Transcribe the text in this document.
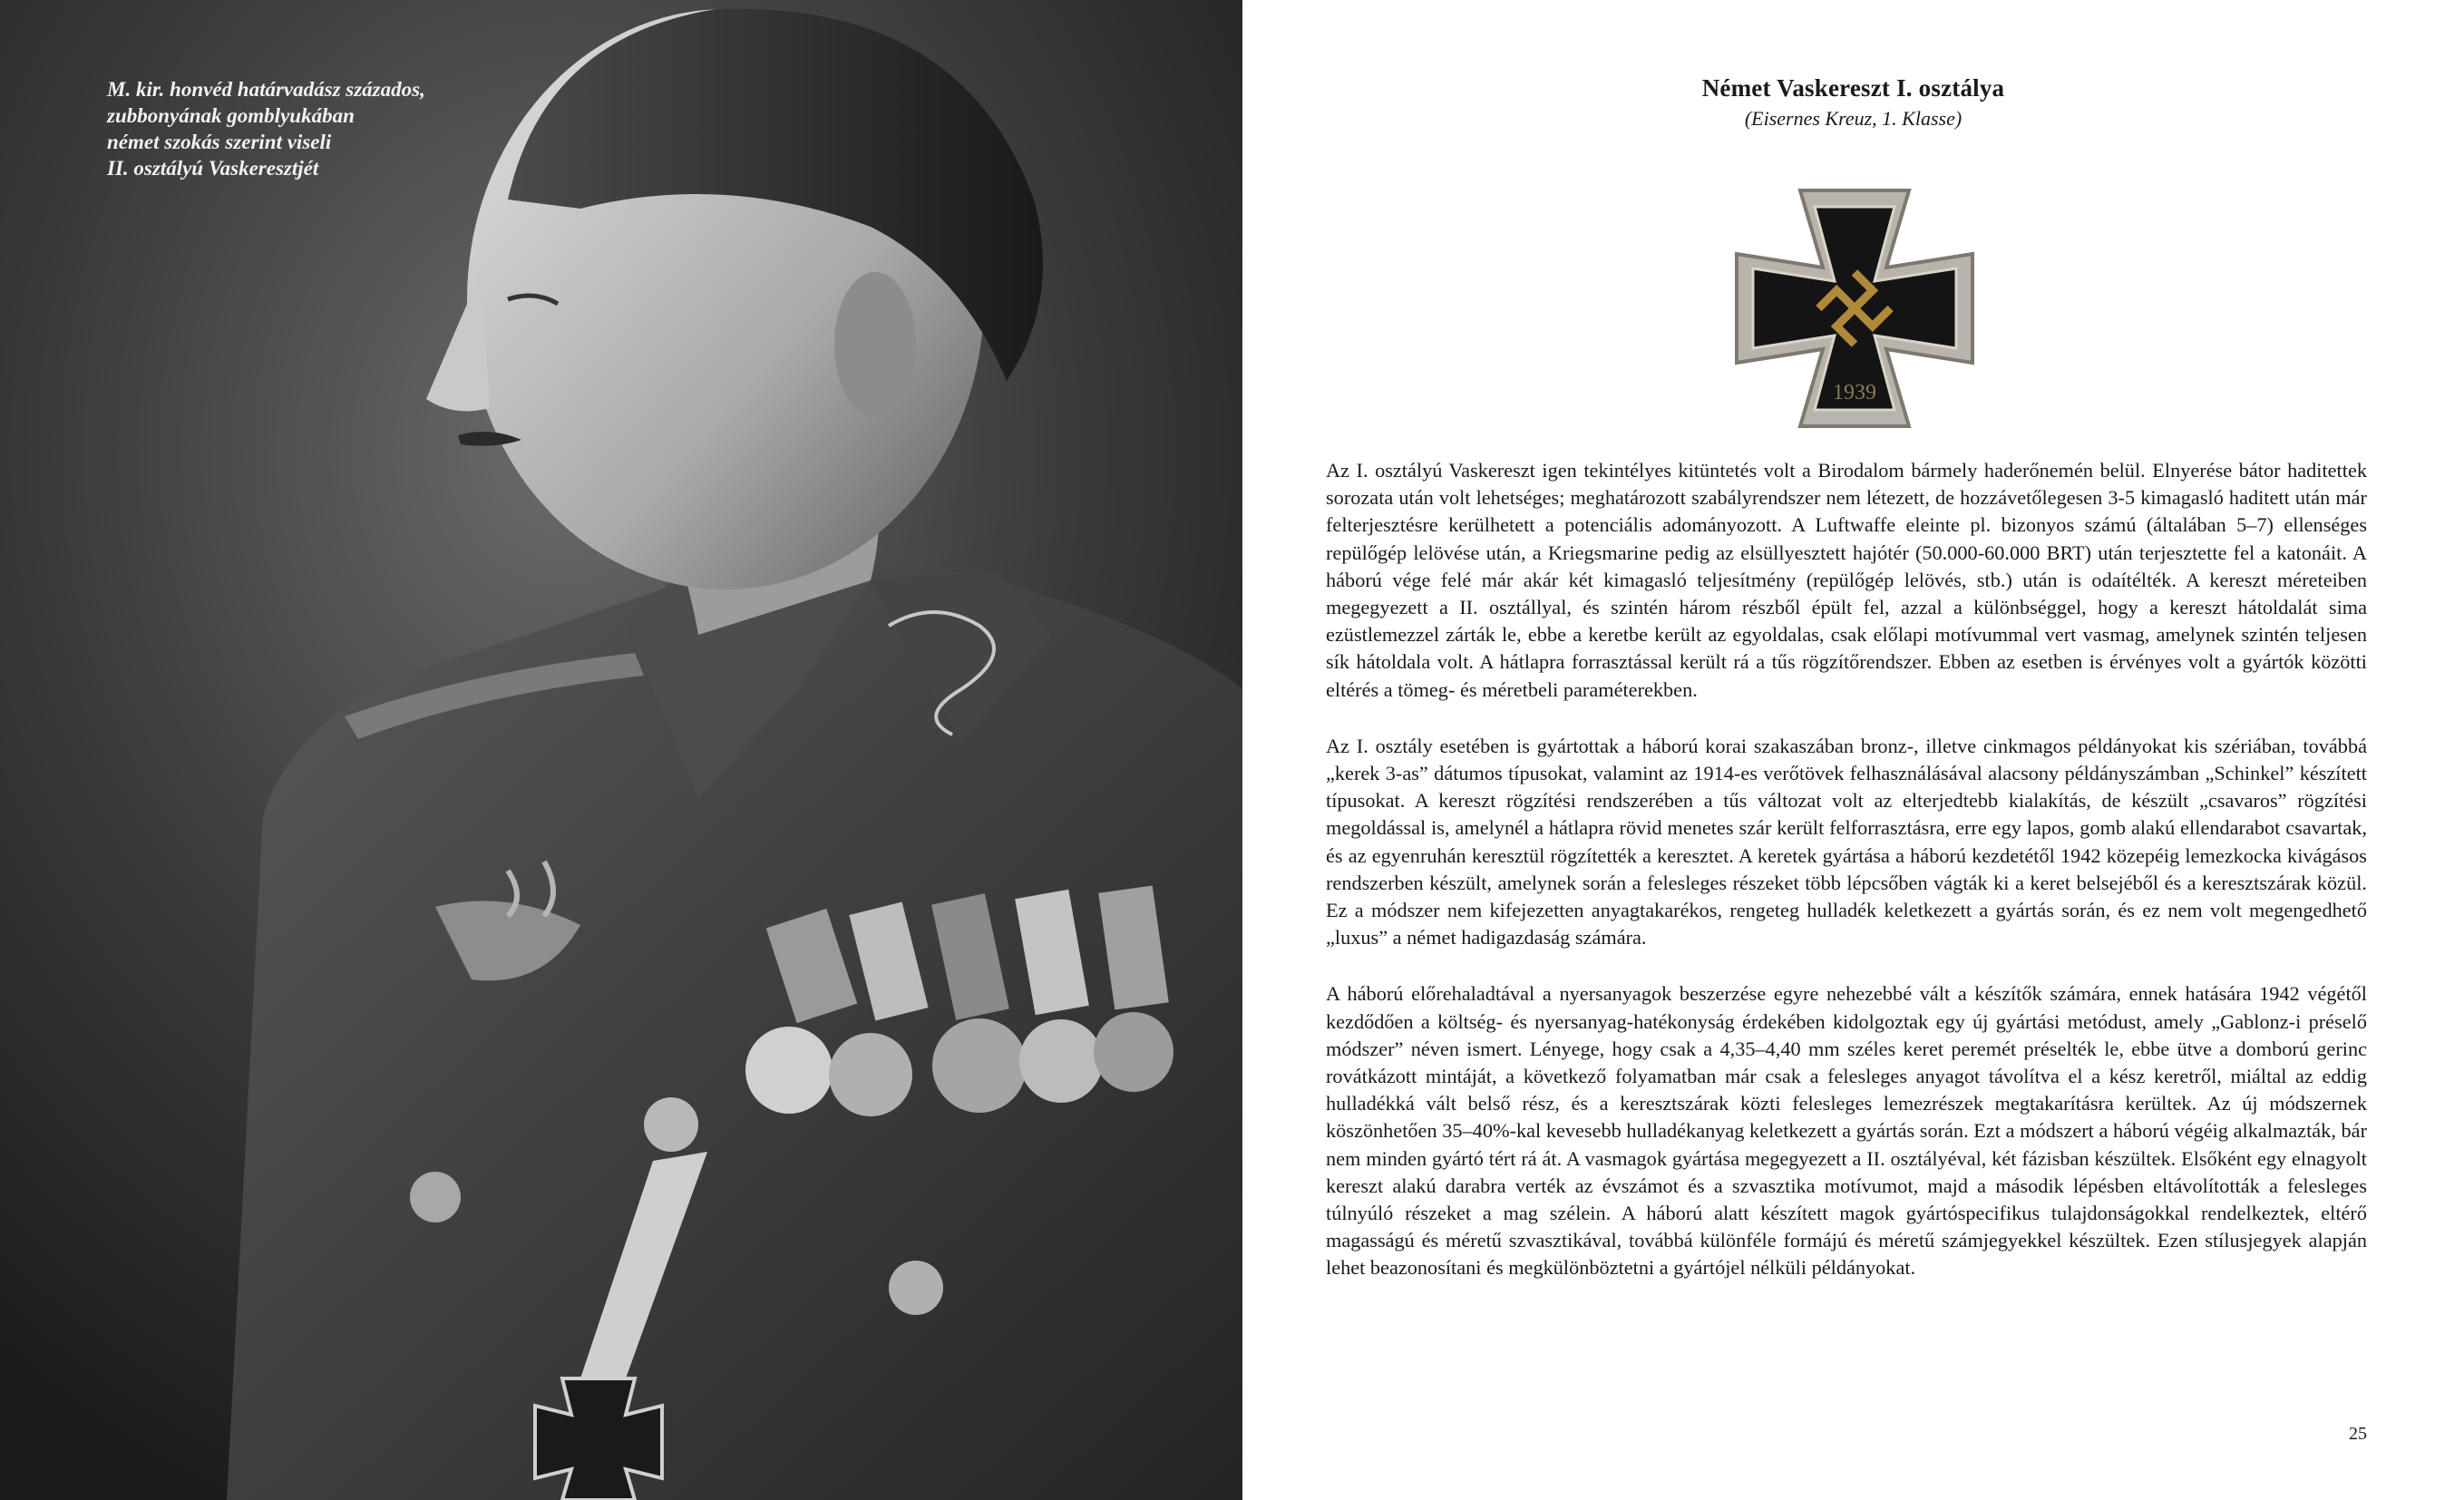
M. kir. honvéd határvadász százados,
zubbonyának gomblyukában
német szokás szerint viseli
II. osztályú Vaskeresztjét
Német Vaskereszt I. osztálya
(Eisernes Kreuz, 1. Klasse)
1939

Az I. osztályú Vaskereszt igen tekintélyes kitüntetés volt a Birodalom bármely haderőnemén belül. Elnyerése bátor haditettek sorozata után volt lehetséges; meghatározott szabályrendszer nem létezett, de hozzávetőlegesen 3-5 kimagasló haditett után már felterjesztésre kerülhetett a potenciális adományozott. A Luftwaffe eleinte pl. bizonyos számú (általában 5–7) ellenséges repülőgép lelövése után, a Kriegsmarine pedig az elsüllyesztett hajótér (50.000-60.000 BRT) után terjesztette fel a katonáit. A háború vége felé már akár két kimagasló teljesítmény (repülőgép lelövés, stb.) után is odaítélték. A kereszt méreteiben megegyezett a II. osztállyal, és szintén három részből épült fel, azzal a különbséggel, hogy a kereszt hátoldalát sima ezüstlemezzel zárták le, ebbe a keretbe került az egyoldalas, csak előlapi motívummal vert vasmag, amelynek szintén teljesen sík hátoldala volt. A hátlapra forrasztással került rá a tűs rögzítőrendszer. Ebben az esetben is érvényes volt a gyártók közötti eltérés a tömeg- és méretbeli paraméterekben.

Az I. osztály esetében is gyártottak a háború korai szakaszában bronz-, illetve cinkmagos példányokat kis szériában, továbbá „kerek 3-as” dátumos típusokat, valamint az 1914-es verőtövek felhasználásával alacsony példányszámban „Schinkel” készített típusokat. A kereszt rögzítési rendszerében a tűs változat volt az elterjedtebb kialakítás, de készült „csavaros” rögzítési megoldással is, amelynél a hátlapra rövid menetes szár került felforrasztásra, erre egy lapos, gomb alakú ellendarabot csavartak, és az egyenruhán keresztül rögzítették a keresztet. A keretek gyártása a háború kezdetétől 1942 közepéig lemezkocka kivágásos rendszerben készült, amelynek során a felesleges részeket több lépcsőben vágták ki a keret belsejéből és a keresztszárak közül. Ez a módszer nem kifejezetten anyagtakarékos, rengeteg hulladék keletkezett a gyártás során, és ez nem volt megengedhető „luxus” a német hadigazdaság számára.

A háború előrehaladtával a nyersanyagok beszerzése egyre nehezebbé vált a készítők számára, ennek hatására 1942 végétől kezdődően a költség- és nyersanyag-hatékonyság érdekében kidolgoztak egy új gyártási metódust, amely „Gablonz-i préselő módszer” néven ismert. Lényege, hogy csak a 4,35–4,40 mm széles keret peremét préselték le, ebbe ütve a domború gerinc rovátkázott mintáját, a következő folyamatban már csak a felesleges anyagot távolítva el a kész keretről, miáltal az eddig hulladékká vált belső rész, és a keresztszárak közti felesleges lemezrészek megtakarításra kerültek. Az új módszernek köszönhetően 35–40%-kal kevesebb hulladékanyag keletkezett a gyártás során. Ezt a módszert a háború végéig alkalmazták, bár nem minden gyártó tért rá át. A vasmagok gyártása megegyezett a II. osztályéval, két fázisban készültek. Elsőként egy elnagyolt kereszt alakú darabra verték az évszámot és a szvasztika motívumot, majd a második lépésben eltávolították a felesleges túlnyúló részeket a mag szélein. A háború alatt készített magok gyártóspecifikus tulajdonságokkal rendelkeztek, eltérő magasságú és méretű szvasztikával, továbbá különféle formájú és méretű számjegyekkel készültek. Ezen stílusjegyek alapján lehet beazonosítani és megkülönböztetni a gyártójel nélküli példányokat.

25
